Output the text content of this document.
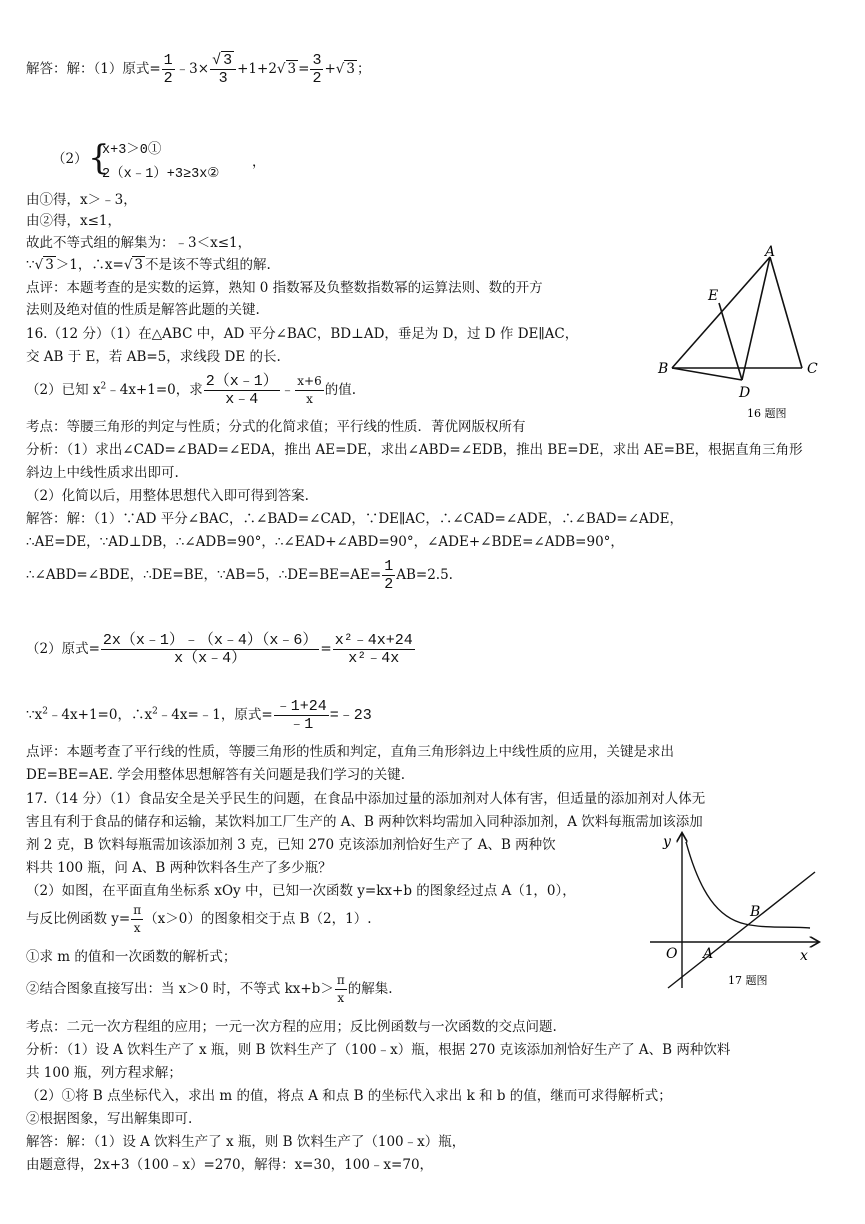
解答：解：（1）原式= $\frac{1}{2}$ ﹣3× $\frac{√ 3}{3} +1+2√$ $3 = \frac{3}{2}$ +√ 3 ；
（2） {
x+3＞0①
2（x﹣1）+3≥3x②
，
由①得，x＞﹣3，
由②得，x≤1，
故此不等式组的解集为：﹣3＜x≤1，
∵√ 3 ＞1，∴x=√ 3 不是该不等式组的解.
点评：本题考查的是实数的运算，熟知 0 指数幂及负整数指数幂的运算法则、数的开方
法则及绝对值的性质是解答此题的关键.
16.（12 分）（1）在△ABC 中，AD 平分∠BAC，BD⊥AD，垂足为 D，过 D 作 DE∥AC，
交 AB 于 E，若 AB=5，求线段 DE 的长.
（2）已知 $x^2﹣4x+1=0$，求 $\frac{2(x﹣1)}{x﹣4}$ ﹣ $\frac{x+6}{x}$ 的值.
考点：等腰三角形的判定与性质；分式的化简求值；平行线的性质．菁优网版权所有
分析：（1）求出∠CAD=∠BAD=∠EDA，推出 AE=DE，求出∠ABD=∠EDB，推出 BE=DE，求出 AE=BE，根据直角三角形
斜边上中线性质求出即可.
（2）化简以后，用整体思想代入即可得到答案.
解答：解：（1）∵AD 平分∠BAC，∴∠BAD=∠CAD，∵DE∥AC，∴∠CAD=∠ADE，∴∠BAD=∠ADE，
∴AE=DE，∵AD⊥DB，∴∠ADB=90°，∴∠EAD+∠ABD=90°，∠ADE+∠BDE=∠ADB=90°，
∴∠ABD=∠BDE，∴DE=BE，∵AB=5，∴DE=BE=AE= $\frac{1}{2} AB=2.5$.
（2）原式= $\frac{2x(x﹣1)﹣(x﹣4)(x﹣6)}{x(x﹣4)} = \frac{\text{x²﹣4x+24}}{\text{x²﹣4x}}$
$\because x^2﹣4x+1=0$，$\therefore x^2﹣4x=﹣1$，原式= $\frac{﹣1+24}{﹣1}$ =﹣23
点评：本题考查了平行线的性质，等腰三角形的性质和判定，直角三角形斜边上中线性质的应用，关键是求出
DE=BE=AE. 学会用整体思想解答有关问题是我们学习的关键.
A
E
B	C
D
16 题图
17.（14 分）（1）食品安全是关乎民生的问题，在食品中添加过量的添加剂对人体有害，但适量的添加剂对人体无
害且有利于食品的储存和运输，某饮料加工厂生产的 A、B 两种饮料均需加入同种添加剂，A 饮料每瓶需加该添加
剂 2 克，B 饮料每瓶需加该添加剂 3 克，已知 270 克该添加剂恰好生产了 A、B 两种饮
料共 100 瓶，问 A、B 两种饮料各生产了多少瓶？
（2）如图，在平面直角坐标系 xOy 中，已知一次函数 y=kx+b 的图象经过点 A（1，0），
与反比例函数 $y= \frac{\pi}{x} (x>0)$的图象相交于点 B（2，1）.
①求 m 的值和一次函数的解析式；
②结合图象直接写出：当 x＞0 时，不等式 $kx+b> \frac{\pi}{x}$ 的解集.
考点：二元一次方程组的应用；一元一次方程的应用；反比例函数与一次函数的交点问题.
分析：（1）设 A 饮料生产了 x 瓶，则 B 饮料生产了（100﹣x）瓶，根据 270 克该添加剂恰好生产了 A、B 两种饮料
共 100 瓶，列方程求解；
（2）①将 B 点坐标代入，求出 m 的值，将点 A 和点 B 的坐标代入求出 k 和 b 的值，继而可求得解析式；
②根据图象，写出解集即可.
解答：解：（1）设 A 饮料生产了 x 瓶，则 B 饮料生产了（100﹣x）瓶，
由题意得，2x+3（100﹣x）=270，解得：x=30，100﹣x=70，
y
x
O A
B
17 题图
